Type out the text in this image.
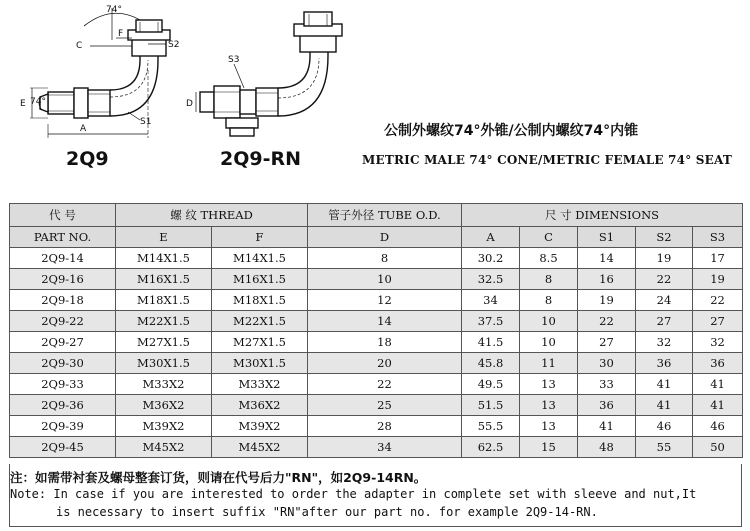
74°
C
F
S2
E 74°
A
S1
S3
D
2Q9	2Q9-RN
公制外螺纹74°外锥/公制内螺纹74°内锥
METRIC MALE 74° CONE/METRIC FEMALE 74° SEAT
代 号	螺 纹 THREAD		管子外径 TUBE O.D.	尺 寸 DIMENSIONS				
PART NO.	E	F	D	A	C	S1	S2	S3
2Q9-14	M14X1.5	M14X1.5	8	30.2	8.5	14	19	17
2Q9-16	M16X1.5	M16X1.5	10	32.5	8	16	22	19
2Q9-18	M18X1.5	M18X1.5	12	34	8	19	24	22
2Q9-22	M22X1.5	M22X1.5	14	37.5	10	22	27	27
2Q9-27	M27X1.5	M27X1.5	18	41.5	10	27	32	32
2Q9-30	M30X1.5	M30X1.5	20	45.8	11	30	36	36
2Q9-33	M33X2	M33X2	22	49.5	13	33	41	41
2Q9-36	M36X2	M36X2	25	51.5	13	36	41	41
2Q9-39	M39X2	M39X2	28	55.5	13	41	46	46
2Q9-45	M45X2	M45X2	34	62.5	15	48	55	50
注：如需带衬套及螺母整套订货，则请在代号后力"RN"，如2Q9-14RN。
Note: In case if you are interested to order the adapter in complete set with sleeve and nut,It
is necessary to insert suffix "RN"after our part no. for example 2Q9-14-RN.
